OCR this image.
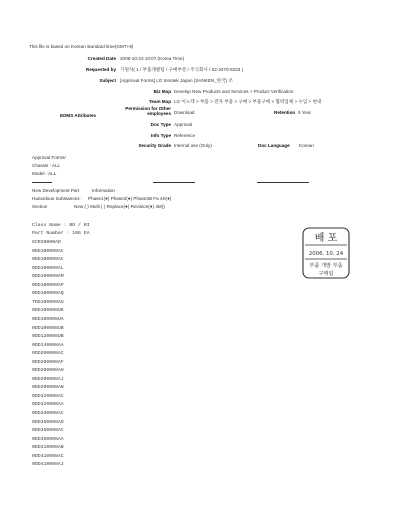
This file is based on Korean standard time(GMT+9)
Created Date 2006-10-23 10:07 (Korea Time)
Requested by 기원자( 1 / 부품개발팀 / 구매부분 / 주식회사 / 02-3470-5233 )
Subject [Approval Forms] LG Innotek Japan (SANKEN_한국) 조
Biz Map Develop New Products and Services > Product Verification
Team Map LG 이노텍 > 부품 > 전자 부품 > 구매 > 부품구매 > 협력업체 > 수입 > 현대
EDMS Attributes
Permission for Other employees Download	Retention 5 Year
Doc Type Approval
Info Type Reference
Security Grade Internal use (Only)	Doc Language Korean
Approval Forms/
Chassis : ALL
Model : ALL
New Development Part	Information
Hazardous Substances : Phase1(●) Phase2(●) Phase3B Fa 4S(●)
Section	New ( ) Multi ( ) Replace(●) Revision(●) 4M()
Class Name : BD / BI
Part Number : 106 EA
6CR20000AD
0DD100009AC
0DD100009AC
0DD100009AL
0DD100009AM
0DD100009AP
0DD100009AQ
7DD100009AU
0DD100008UK
0DD100008UA
0DD100008UB
0DD120008UB
0DD140008AA
0DD200008AC
0DD200008AF
0DD200008AH
0DD200008AJ
0DD200008AN
0DD320008AC
0DD320008AA
0DD330008AC
0DD350008AD
0DD350008AC
0DD350008AA
0DD410008AB
0DD410008AC
0DD410008AJ
배 포
2006. 10. 24
부품 개발 부품
구매팀
